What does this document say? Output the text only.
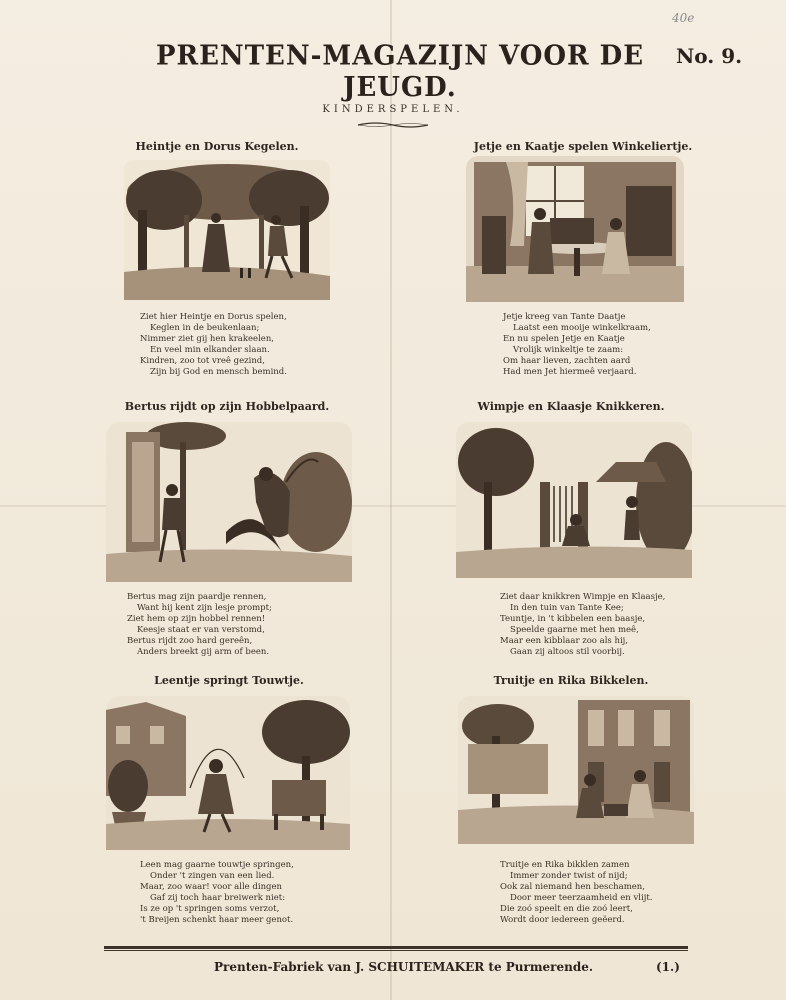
40e
PRENTEN-MAGAZIJN VOOR DE JEUGD.
No. 9.
KINDERSPELEN.
Heintje en Dorus Kegelen.
Ziet hier Heintje en Dorus spelen,
Keglen in de beukenlaan;
Nimmer ziet gij hen krakeelen,
En veel min elkander slaan.
Kindren, zoo tot vreê gezind,
Zijn bij God en mensch bemind.
Jetje en Kaatje spelen Winkeliertje.
Jetje kreeg van Tante Daatje
Laatst een mooije winkelkraam,
En nu spelen Jetje en Kaatje
Vrolijk winkeltje te zaam:
Om haar lieven, zachten aard
Had men Jet hiermeê verjaard.
Bertus rijdt op zijn Hobbelpaard.
Bertus mag zijn paardje rennen,
Want hij kent zijn lesje prompt;
Ziet hem op zijn hobbel rennen!
Keesje staat er van verstomd,
Bertus rijdt zoo hard gereên,
Anders breekt gij arm of been.
Wimpje en Klaasje Knikkeren.
Ziet daar knikkren Wimpje en Klaasje,
In den tuin van Tante Kee;
Teuntje, in 't kibbelen een baasje,
Speelde gaarne met hen meê,
Maar een kibblaar zoo als hij,
Gaan zij altoos stil voorbij.
Leentje springt Touwtje.
Leen mag gaarne touwtje springen,
Onder 't zingen van een lied.
Maar, zoo waar! voor alle dingen
Gaf zij toch haar breiwerk niet:
Is ze op 't springen soms verzot,
't Breijen schenkt haar meer genot.
Truitje en Rika Bikkelen.
Truitje en Rika bikklen zamen
Immer zonder twist of nijd;
Ook zal niemand hen beschamen,
Door meer teerzaamheid en vlijt.
Die zoó speelt en die zoó leert,
Wordt door iedereen geëerd.
Prenten-Fabriek van J. SCHUITEMAKER te Purmerende.	(1.)
